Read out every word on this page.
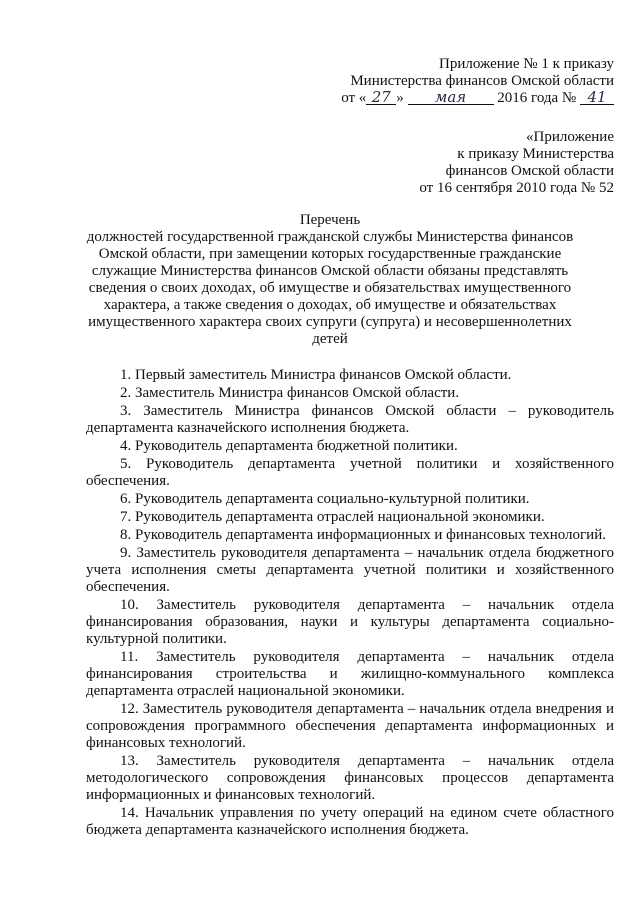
Приложение № 1 к приказу
Министерства финансов Омской области
от « 27 » мая 2016 года № 41
«Приложение
к приказу Министерства
финансов Омской области
от 16 сентября 2010 года № 52
Перечень
должностей государственной гражданской службы Министерства финансов
Омской области, при замещении которых государственные гражданские
служащие Министерства финансов Омской области обязаны представлять
сведения о своих доходах, об имуществе и обязательствах имущественного
характера, а также сведения о доходах, об имуществе и обязательствах
имущественного характера своих супруги (супруга) и несовершеннолетних
детей

1. Первый заместитель Министра финансов Омской области.

2. Заместитель Министра финансов Омской области.

3. Заместитель Министра финансов Омской области – руководитель департамента казначейского исполнения бюджета.

4. Руководитель департамента бюджетной политики.

5. Руководитель департамента учетной политики и хозяйственного обеспечения.

6. Руководитель департамента социально-культурной политики.

7. Руководитель департамента отраслей национальной экономики.

8. Руководитель департамента информационных и финансовых технологий.

9. Заместитель руководителя департамента – начальник отдела бюджетного учета исполнения сметы департамента учетной политики и хозяйственного обеспечения.

10. Заместитель руководителя департамента – начальник отдела финансирования образования, науки и культуры департамента социально-культурной политики.

11. Заместитель руководителя департамента – начальник отдела финансирования строительства и жилищно-коммунального комплекса департамента отраслей национальной экономики.

12. Заместитель руководителя департамента – начальник отдела внедрения и сопровождения программного обеспечения департамента информационных и финансовых технологий.

13. Заместитель руководителя департамента – начальник отдела методологического сопровождения финансовых процессов департамента информационных и финансовых технологий.

14. Начальник управления по учету операций на едином счете областного бюджета департамента казначейского исполнения бюджета.
